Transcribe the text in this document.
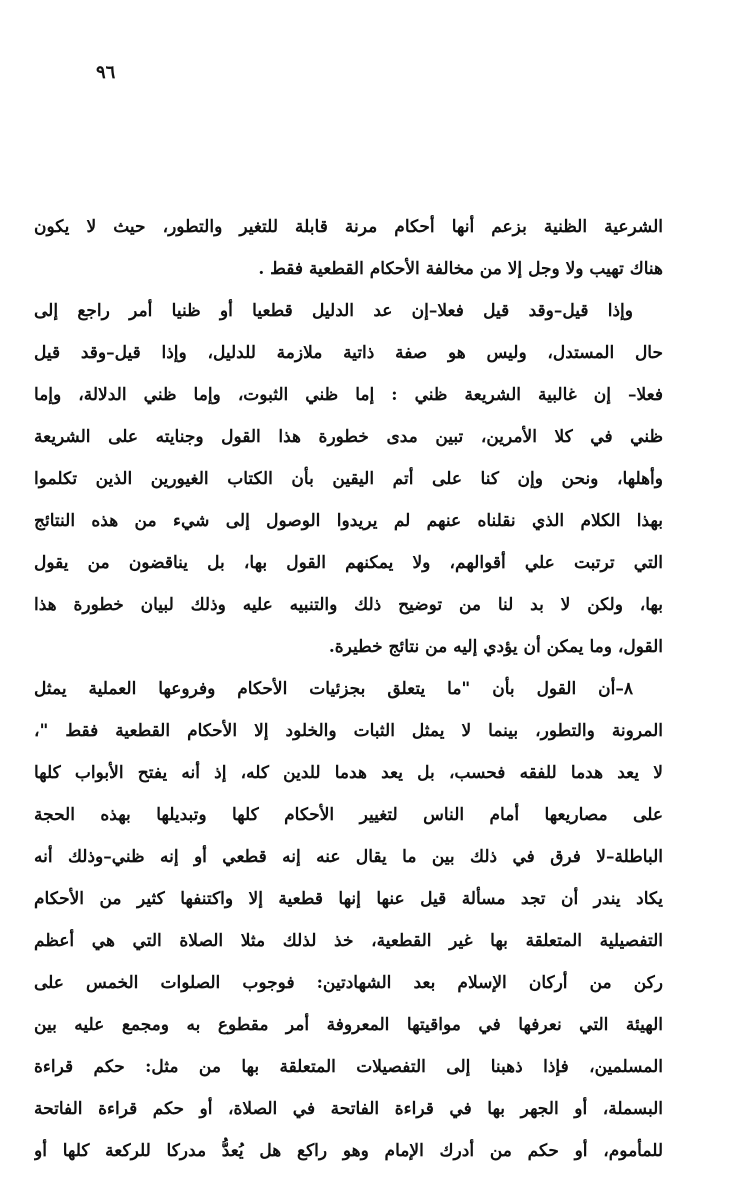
٩٦
الشرعية الظنية بزعم أنها أحكام مرنة قابلة للتغير والتطور، حيث لا يكون
هناك تهيب ولا وجل إلا من مخالفة الأحكام القطعية فقط .
وإذا قيل–وقد قيل فعلا–إن عد الدليل قطعيا أو ظنيا أمر راجع إلى
حال المستدل، وليس هو صفة ذاتية ملازمة للدليل، وإذا قيل–وقد قيل
فعلا– إن غالبية الشريعة ظني : إما ظني الثبوت، وإما ظني الدلالة، وإما
ظني في كلا الأمرين، تبين مدى خطورة هذا القول وجنايته على الشريعة
وأهلها، ونحن وإن كنا على أتم اليقين بأن الكتاب الغيورين الذين تكلموا
بهذا الكلام الذي نقلناه عنهم لم يريدوا الوصول إلى شيء من هذه النتائج
التي ترتبت علي أقوالهم، ولا يمكنهم القول بها، بل يناقضون من يقول
بها، ولكن لا بد لنا من توضيح ذلك والتنبيه عليه وذلك لبيان خطورة هذا
القول، وما يمكن أن يؤدي إليه من نتائج خطيرة.
٨–أن القول بأن "ما يتعلق بجزئيات الأحكام وفروعها العملية يمثل
المرونة والتطور، بينما لا يمثل الثبات والخلود إلا الأحكام القطعية فقط "،
لا يعد هدما للفقه فحسب، بل يعد هدما للدين كله، إذ أنه يفتح الأبواب كلها
على مصاريعها أمام الناس لتغيير الأحكام كلها وتبديلها بهذه الحجة
الباطلة–لا فرق في ذلك بين ما يقال عنه إنه قطعي أو إنه ظني–وذلك أنه
يكاد يندر أن تجد مسألة قيل عنها إنها قطعية إلا واكتنفها كثير من الأحكام
التفصيلية المتعلقة بها غير القطعية، خذ لذلك مثلا الصلاة التي هي أعظم
ركن من أركان الإسلام بعد الشهادتين: فوجوب الصلوات الخمس على
الهيئة التي نعرفها في مواقيتها المعروفة أمر مقطوع به ومجمع عليه بين
المسلمين، فإذا ذهبنا إلى التفصيلات المتعلقة بها من مثل: حكم قراءة
البسملة، أو الجهر بها في قراءة الفاتحة في الصلاة، أو حكم قراءة الفاتحة
للمأموم، أو حكم من أدرك الإمام وهو راكع هل يُعدُّ مدركا للركعة كلها أو
